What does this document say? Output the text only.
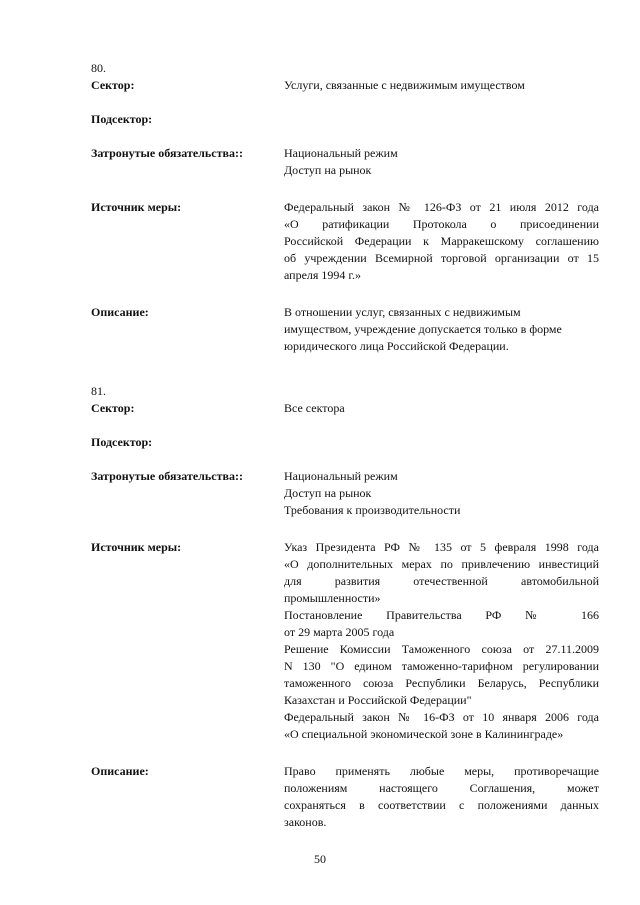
80.
Сектор:	Услуги, связанные с недвижимым имуществом
Подсектор:
Затронутые обязательства::	Национальный режим
Доступ на рынок
Источник меры:	Федеральный закон № 126-ФЗ от 21 июля 2012 года
«О ратификации Протокола о присоединении
Российской Федерации к Марракешскому соглашению
об учреждении Всемирной торговой организации от 15
апреля 1994 г.»
Описание:	В отношении услуг, связанных с недвижимым
имуществом, учреждение допускается только в форме
юридического лица Российской Федерации.
81.
Сектор:	Все сектора
Подсектор:
Затронутые обязательства::	Национальный режим
Доступ на рынок
Требования к производительности
Источник меры:	Указ Президента РФ № 135 от 5 февраля 1998 года
«О дополнительных мерах по привлечению инвестиций
для развития отечественной автомобильной
промышленности»
Постановление Правительства РФ № 166
от 29 марта 2005 года
Решение Комиссии Таможенного союза от 27.11.2009
N 130 "О едином таможенно-тарифном регулировании
таможенного союза Республики Беларусь, Республики
Казахстан и Российской Федерации"
Федеральный закон № 16-ФЗ от 10 января 2006 года
«О специальной экономической зоне в Калининграде»
Описание:	Право применять любые меры, противоречащие
положениям настоящего Соглашения, может
сохраняться в соответствии с положениями данных
законов.
50
